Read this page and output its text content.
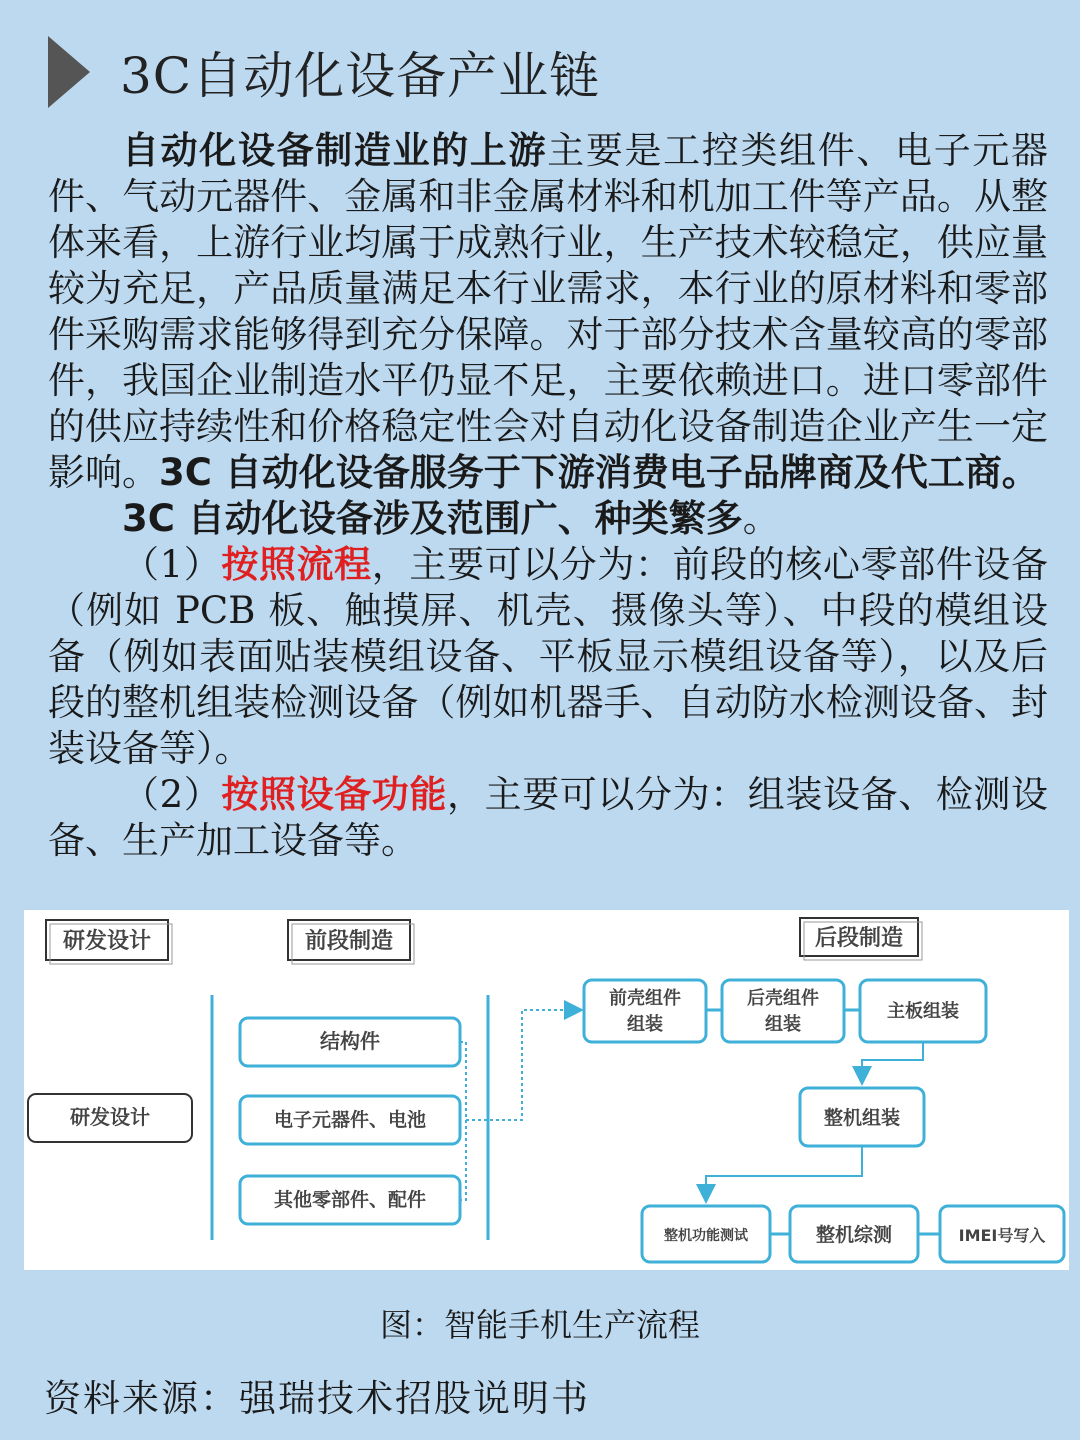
3C自动化设备产业链

自动化设备制造业的上游主要是工控类组件、电子元器件、气动元器件、金属和非金属材料和机加工件等产品。从整体来看，上游行业均属于成熟行业，生产技术较稳定，供应量较为充足，产品质量满足本行业需求，本行业的原材料和零部件采购需求能够得到充分保障。对于部分技术含量较高的零部件，我国企业制造水平仍显不足，主要依赖进口。进口零部件的供应持续性和价格稳定性会对自动化设备制造企业产生一定影响。3C 自动化设备服务于下游消费电子品牌商及代工商。

3C 自动化设备涉及范围广、种类繁多。

（1）按照流程，主要可以分为：前段的核心零部件设备（例如 PCB 板、触摸屏、机壳、摄像头等）、中段的模组设备（例如表面贴装模组设备、平板显示模组设备等），以及后段的整机组装检测设备（例如机器手、自动防水检测设备、封装设备等）。

（2）按照设备功能，主要可以分为：组装设备、检测设备、生产加工设备等。

研发设计	前段制造	后段制造
研发设计
结构件
电子元器件、电池
其他零部件、配件
前壳组件
组装
后壳组件
组装
主板组装
整机组装
整机功能测试	整机综测	IMEI号写入
图：智能手机生产流程
资料来源：强瑞技术招股说明书
